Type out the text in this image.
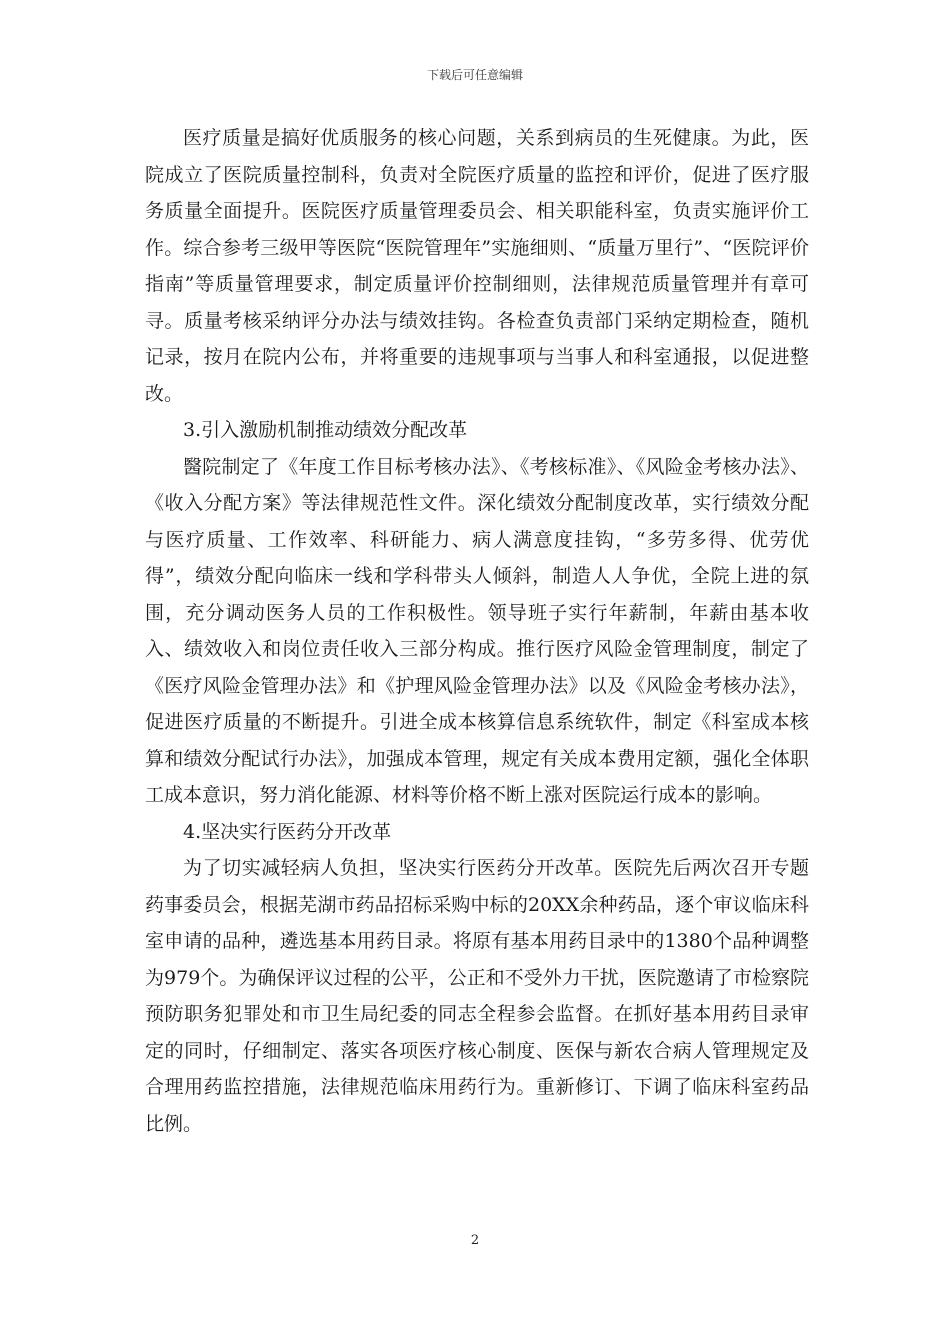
下载后可任意编辑

医疗质量是搞好优质服务的核心问题，关系到病员的生死健康。为此，医院成立了医院质量控制科，负责对全院医疗质量的监控和评价，促进了医疗服务质量全面提升。医院医疗质量管理委员会、相关职能科室，负责实施评价工作。综合参考三级甲等医院“医院管理年”实施细则、“质量万里行”、“医院评价指南”等质量管理要求，制定质量评价控制细则，法律规范质量管理并有章可寻。质量考核采纳评分办法与绩效挂钩。各检查负责部门采纳定期检查，随机记录，按月在院内公布，并将重要的违规事项与当事人和科室通报，以促进整改。

3.引入激励机制推动绩效分配改革

醫院制定了《年度工作目标考核办法》、《考核标准》、《风险金考核办法》、《收入分配方案》等法律规范性文件。深化绩效分配制度改革，实行绩效分配与医疗质量、工作效率、科研能力、病人满意度挂钩，“多劳多得、优劳优得”，绩效分配向临床一线和学科带头人倾斜，制造人人争优，全院上进的氛围，充分调动医务人员的工作积极性。领导班子实行年薪制，年薪由基本收入、绩效收入和岗位责任收入三部分构成。推行医疗风险金管理制度，制定了《医疗风险金管理办法》和《护理风险金管理办法》以及《风险金考核办法》，促进医疗质量的不断提升。引进全成本核算信息系统软件，制定《科室成本核算和绩效分配试行办法》，加强成本管理，规定有关成本费用定额，强化全体职工成本意识，努力消化能源、材料等价格不断上涨对医院运行成本的影响。

4.坚决实行医药分开改革

为了切实减轻病人负担，坚决实行医药分开改革。医院先后两次召开专题药事委员会，根据芜湖市药品招标采购中标的20XX余种药品，逐个审议临床科室申请的品种，遴选基本用药目录。将原有基本用药目录中的1380个品种调整为979个。为确保评议过程的公平，公正和不受外力干扰，医院邀请了市检察院预防职务犯罪处和市卫生局纪委的同志全程参会监督。在抓好基本用药目录审定的同时，仔细制定、落实各项医疗核心制度、医保与新农合病人管理规定及合理用药监控措施，法律规范临床用药行为。重新修订、下调了临床科室药品比例。

2
